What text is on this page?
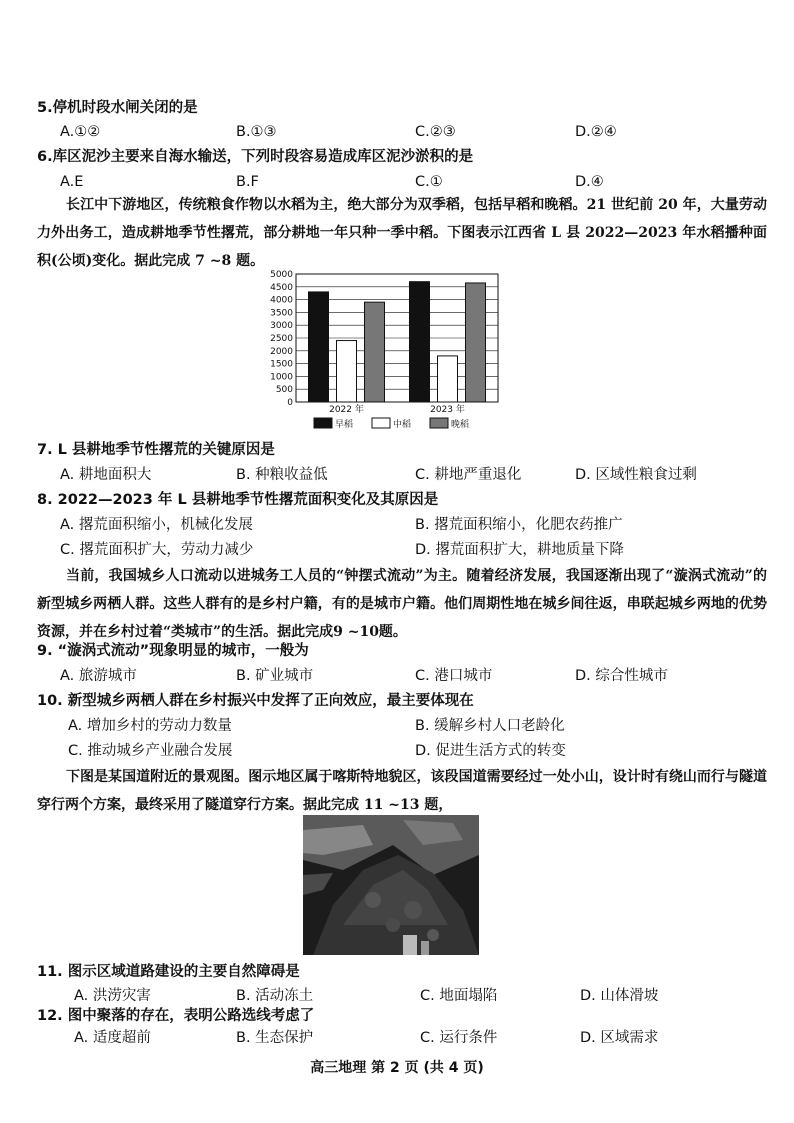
5.停机时段水闸关闭的是
A.①②	B.①③	C.②③	D.②④
6.库区泥沙主要来自海水输送，下列时段容易造成库区泥沙淤积的是
A.E	B.F	C.①	D.④
长江中下游地区，传统粮食作物以水稻为主，绝大部分为双季稻，包括早稻和晚稻。21 世纪前 20 年，大量劳动力外出务工，造成耕地季节性撂荒，部分耕地一年只种一季中稻。下图表示江西省 L 县 2022—2023 年水稻播种面积(公顷)变化。据此完成 7 ~8 题。
0
500
1000
1500
2000
2500
3000
3500
4000
4500
5000
2022 年	2023 年
早稻	中稻	晚稻
7. L 县耕地季节性撂荒的关键原因是
A. 耕地面积大	B. 种粮收益低	C. 耕地严重退化	D. 区域性粮食过剩
8. 2022—2023 年 L 县耕地季节性撂荒面积变化及其原因是
A. 撂荒面积缩小，机械化发展	B. 撂荒面积缩小，化肥农药推广
C. 撂荒面积扩大，劳动力减少	D. 撂荒面积扩大，耕地质量下降
当前，我国城乡人口流动以进城务工人员的“钟摆式流动”为主。随着经济发展，我国逐渐出现了“漩涡式流动”的新型城乡两栖人群。这些人群有的是乡村户籍，有的是城市户籍。他们周期性地在城乡间往返，串联起城乡两地的优势资源，并在乡村过着“类城市”的生活。据此完成9 ~10题。
9. “漩涡式流动”现象明显的城市，一般为
A. 旅游城市	B. 矿业城市	C. 港口城市	D. 综合性城市
10. 新型城乡两栖人群在乡村振兴中发挥了正向效应，最主要体现在
A. 增加乡村的劳动力数量	B. 缓解乡村人口老龄化
C. 推动城乡产业融合发展	D. 促进生活方式的转变
下图是某国道附近的景观图。图示地区属于喀斯特地貌区，该段国道需要经过一处小山，设计时有绕山而行与隧道穿行两个方案，最终采用了隧道穿行方案。据此完成 11 ~13 题，
11. 图示区域道路建设的主要自然障碍是
A. 洪涝灾害	B. 活动冻土	C. 地面塌陷	D. 山体滑坡
12. 图中聚落的存在，表明公路选线考虑了
A. 适度超前	B. 生态保护	C. 运行条件	D. 区域需求
高三地理 第 2 页 (共 4 页)
